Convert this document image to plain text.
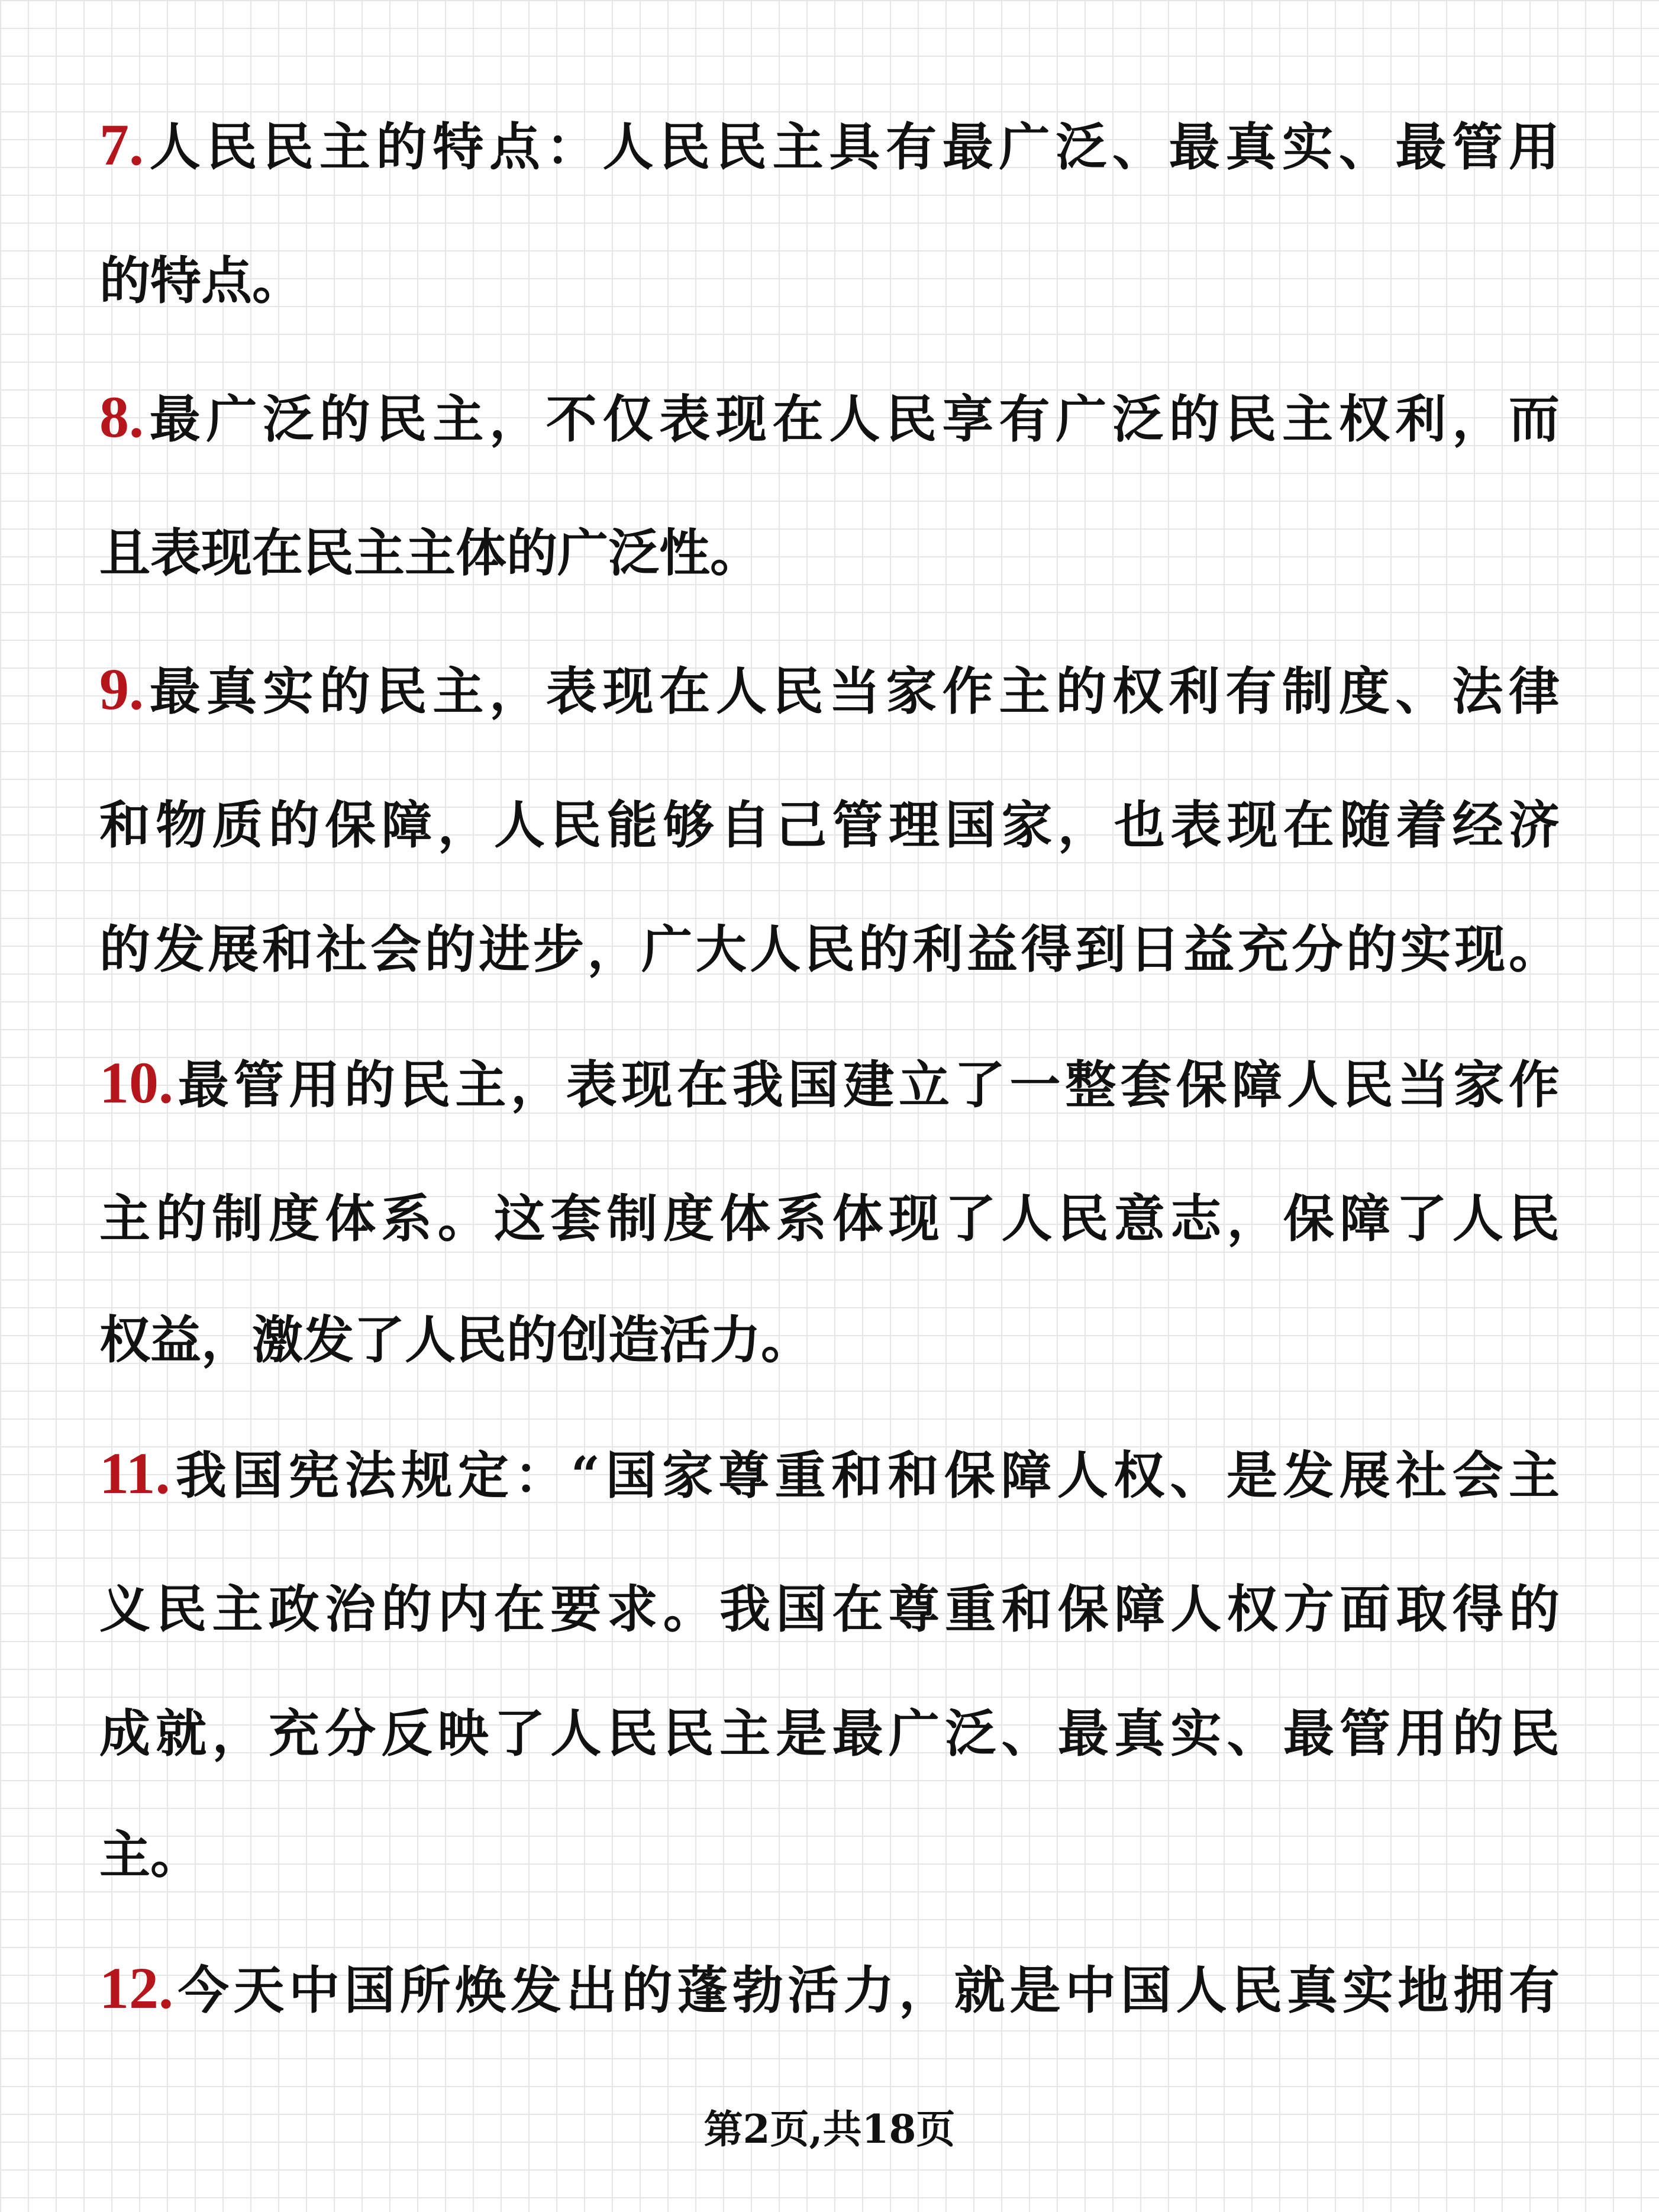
7.人民民主的特点：人民民主具有最广泛、最真实、最管用
的特点。
8.最广泛的民主，不仅表现在人民享有广泛的民主权利，而
且表现在民主主体的广泛性。
9.最真实的民主，表现在人民当家作主的权利有制度、法律
和物质的保障，人民能够自己管理国家，也表现在随着经济
的发展和社会的进步，广大人民的利益得到日益充分的实现。
10.最管用的民主，表现在我国建立了一整套保障人民当家作
主的制度体系。这套制度体系体现了人民意志，保障了人民
权益，激发了人民的创造活力。
11.我国宪法规定：“国家尊重和和保障人权、是发展社会主
义民主政治的内在要求。我国在尊重和保障人权方面取得的
成就，充分反映了人民民主是最广泛、最真实、最管用的民
主。
12.今天中国所焕发出的蓬勃活力，就是中国人民真实地拥有
第2页,共18页
